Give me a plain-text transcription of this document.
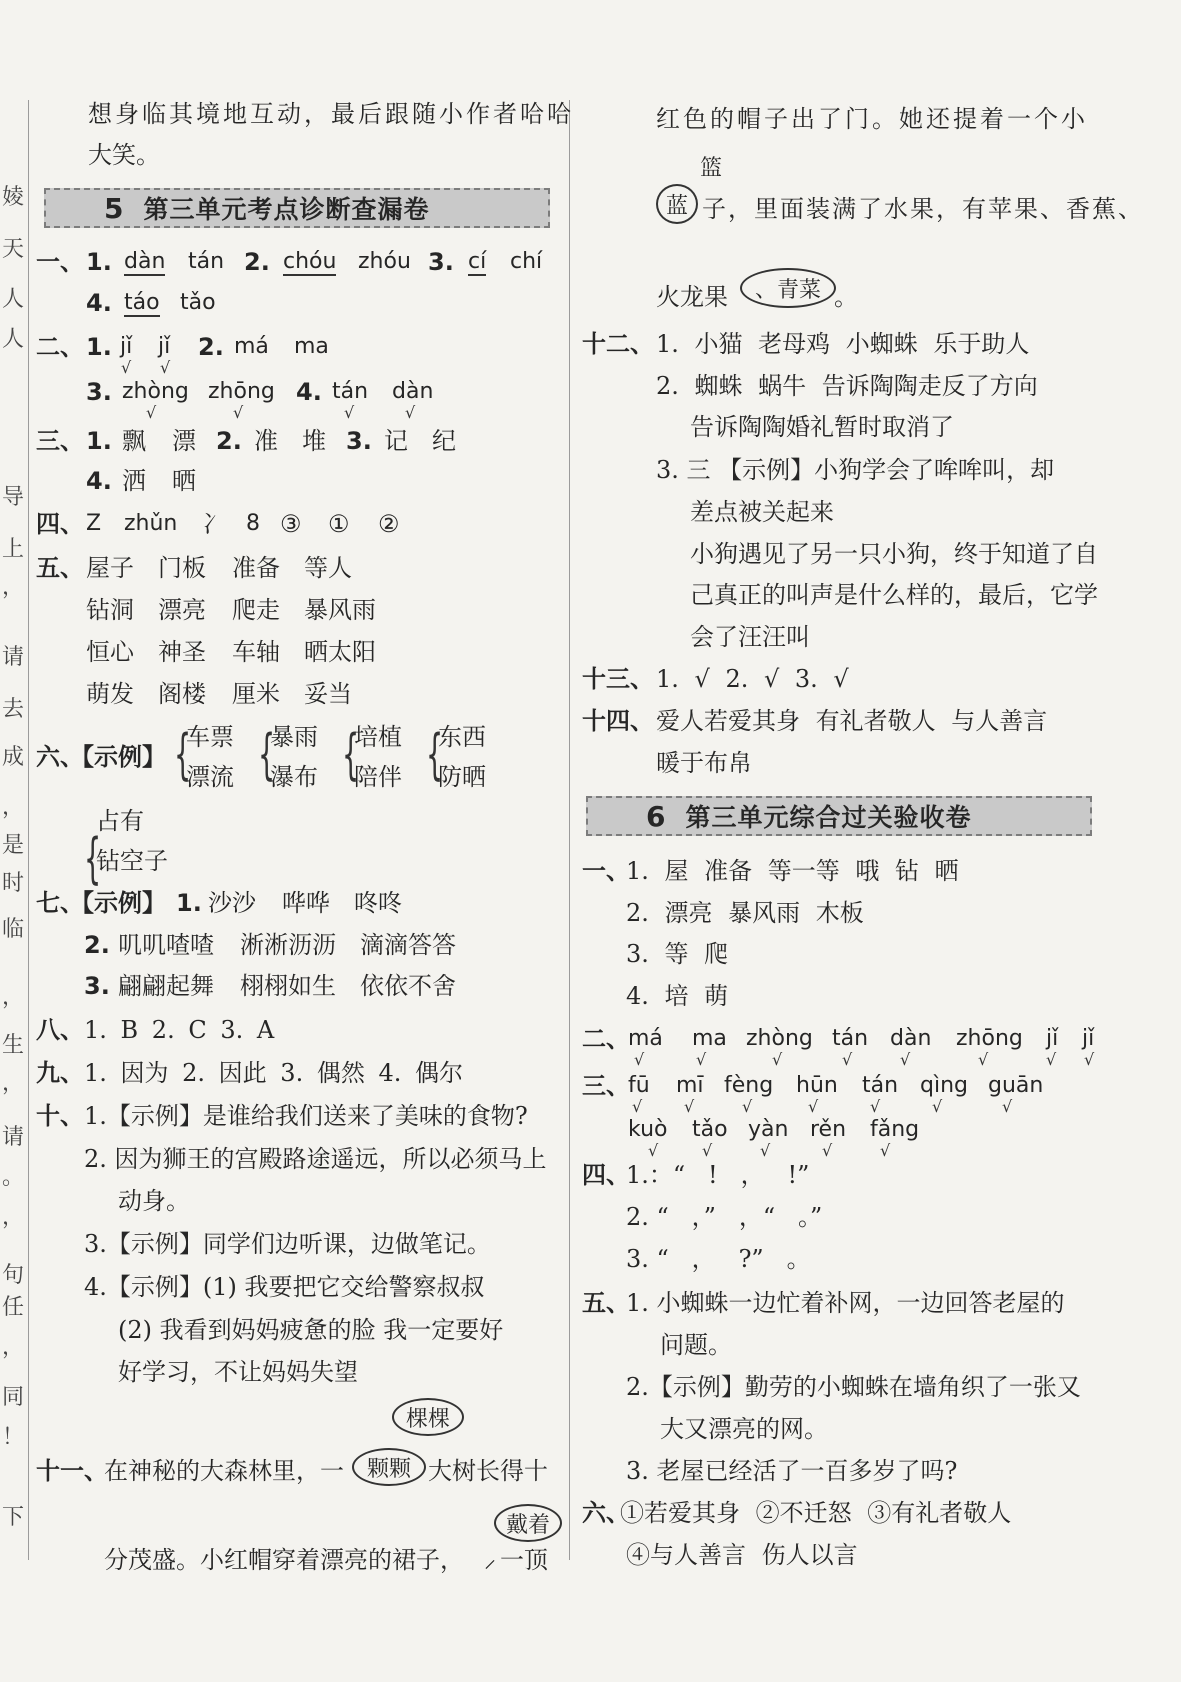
婈
天
人
人
导
上
，
请
去
成
，
是
时
临
，
生
，
请
。
，
句
任
，
同
！
下
想身临其境地互动，最后跟随小作者哈哈
大笑。
5 第三单元考点诊断查漏卷
一、 1. dàn tán 2. chóu zhóu 3. cí chí
4. táo tǎo
二、 1. jǐ jǐ 2. má ma
√ √
3. zhòng zhōng 4. tán dàn
√	√	√	√
三、 1. 飘 漂 2. 准 堆 3. 记 纪
4. 洒 晒
四、 Z zhǔn 冫 8 ③ ① ②
五、 屋子 门板 准备 等人
钻洞 漂亮 爬走 暴风雨
恒心 神圣 车轴 晒太阳
萌发 阁楼 厘米 妥当
六、
【示例】 {
车票
漂流 {
暴雨
瀑布 {
培植
陪伴 {
东西
防晒
{
占有
钻空子
七、
【示例】 1. 沙沙 哗哗 咚咚
2. 叽叽喳喳 淅淅沥沥 滴滴答答
3. 翩翩起舞 栩栩如生 依依不舍
八、 1. B 2. C 3. A
九、 1. 因为 2. 因此 3. 偶然 4. 偶尔
十、 1.【示例】是谁给我们送来了美味的食物?
2. 因为狮王的宫殿路途遥远，所以必须马上
动身。
3.【示例】同学们边听课，边做笔记。
4.【示例】(1) 我要把它交给警察叔叔
(2) 我看到妈妈疲惫的脸 我一定要好
好学习，不让妈妈失望
棵棵
十一、
在神秘的大森林里，一	颗颗 大树长得十
戴着
分茂盛。小红帽穿着漂亮的裙子， ⸝ 一顶
红色的帽子出了门。她还提着一个小
篮
蓝 子，里面装满了水果，有苹果、香蕉、
火龙果	、青菜 。
十二、 1. 小猫 老母鸡 小蜘蛛 乐于助人
2. 蜘蛛 蜗牛 告诉陶陶走反了方向
告诉陶陶婚礼暂时取消了
3. 三 【示例】小狗学会了哞哞叫，却
差点被关起来
小狗遇见了另一只小狗，终于知道了自
己真正的叫声是什么样的，最后，它学
会了汪汪叫
十三、 1. √ 2. √ 3. √
十四、 爱人若爱其身 有礼者敬人 与人善言
暖于布帛
6 第三单元综合过关验收卷
一、
1. 屋 准备 等一等 哦 钻 晒
2. 漂亮 暴风雨 木板
3. 等 爬
4. 培 萌
二、
má ma zhòng tán dàn zhōng jǐ jǐ
√	√	√	√	√	√	√ √
三、
fū mī fèng hūn tán qìng guān
kuò tǎo yàn rěn fǎng
√	√	√	√	√	√	√
√	√	√	√	√
四、
1.：“   !   ，   !”
2. “   ，”   ，“   。”
3. “   ，   ?”   。
五、
1. 小蜘蛛一边忙着补网，一边回答老屋的
问题。
2.【示例】勤劳的小蜘蛛在墙角织了一张又
大又漂亮的网。
3. 老屋已经活了一百多岁了吗?
六、
①若爱其身 ②不迁怒 ③有礼者敬人
④与人善言 伤人以言
